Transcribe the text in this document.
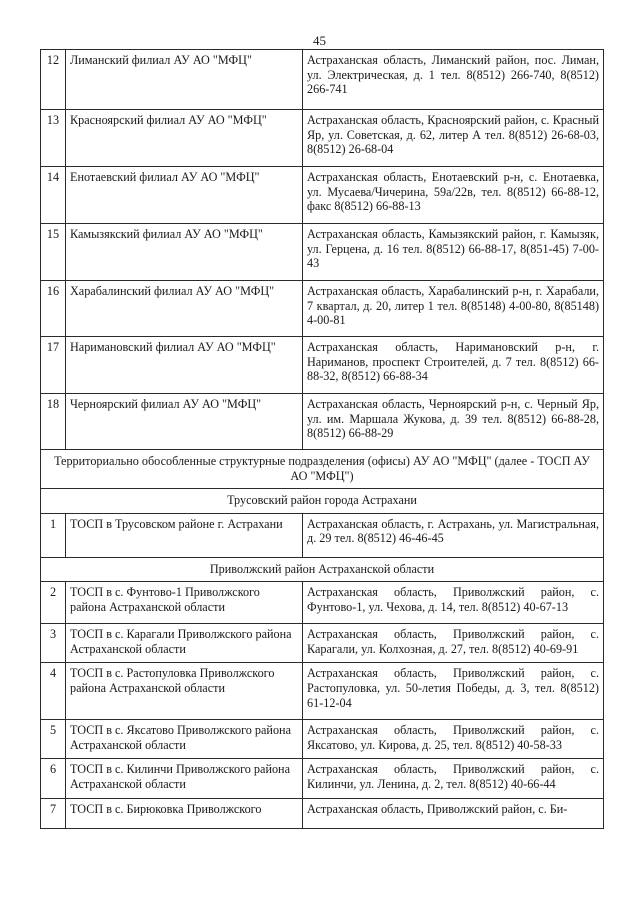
45
12	Лиманский филиал АУ АО "МФЦ"	Астраханская область, Лиманский район, пос. Лиман, ул. Электрическая, д. 1 тел. 8(8512) 266-740, 8(8512) 266-741
13	Красноярский филиал АУ АО "МФЦ"	Астраханская область, Красноярский район, с. Красный Яр, ул. Советская, д. 62, литер А тел. 8(8512) 26-68-03, 8(8512) 26-68-04
14	Енотаевский филиал АУ АО "МФЦ"	Астраханская область, Енотаевский р-н, с. Енотаевка, ул. Мусаева/Чичерина, 59а/22в, тел. 8(8512) 66-88-12, факс 8(8512) 66-88-13
15	Камызякский филиал АУ АО "МФЦ"	Астраханская область, Камызякский район, г. Камызяк, ул. Герцена, д. 16 тел. 8(8512) 66-88-17, 8(851-45) 7-00-43
16	Харабалинский филиал АУ АО "МФЦ"	Астраханская область, Харабалинский р-н, г. Харабали, 7 квартал, д. 20, литер 1 тел. 8(85148) 4-00-80, 8(85148) 4-00-81
17	Наримановский филиал АУ АО "МФЦ"	Астраханская область, Наримановский р-н, г. Нариманов, проспект Строителей, д. 7 тел. 8(8512) 66-88-32, 8(8512) 66-88-34
18	Черноярский филиал АУ АО "МФЦ"	Астраханская область, Черноярский р-н, с. Черный Яр, ул. им. Маршала Жукова, д. 39 тел. 8(8512) 66-88-28, 8(8512) 66-88-29
Территориально обособленные структурные подразделения (офисы) АУ АО "МФЦ" (далее - ТОСП АУ АО "МФЦ")		
Трусовский район города Астрахани		
1	ТОСП в Трусовском районе г. Астрахани	Астраханская область, г. Астрахань, ул. Магистральная, д. 29 тел. 8(8512) 46-46-45
Приволжский район Астраханской области		
2	ТОСП в с. Фунтово-1 Приволжского района Астраханской области	Астраханская область, Приволжский район, с. Фунтово-1, ул. Чехова, д. 14, тел. 8(8512) 40-67-13
3	ТОСП в с. Карагали Приволжского района Астраханской области	Астраханская область, Приволжский район, с. Карагали, ул. Колхозная, д. 27, тел. 8(8512) 40-69-91
4	ТОСП в с. Растопуловка Приволжского района Астраханской области	Астраханская область, Приволжский район, с. Растопуловка, ул. 50-летия Победы, д. 3, тел. 8(8512) 61-12-04
5	ТОСП в с. Яксатово Приволжского района Астраханской области	Астраханская область, Приволжский район, с. Яксатово, ул. Кирова, д. 25, тел. 8(8512) 40-58-33
6	ТОСП в с. Килинчи Приволжского района Астраханской области	Астраханская область, Приволжский район, с. Килинчи, ул. Ленина, д. 2, тел. 8(8512) 40-66-44
7	ТОСП в с. Бирюковка Приволжского	Астраханская область, Приволжский район, с. Би-
